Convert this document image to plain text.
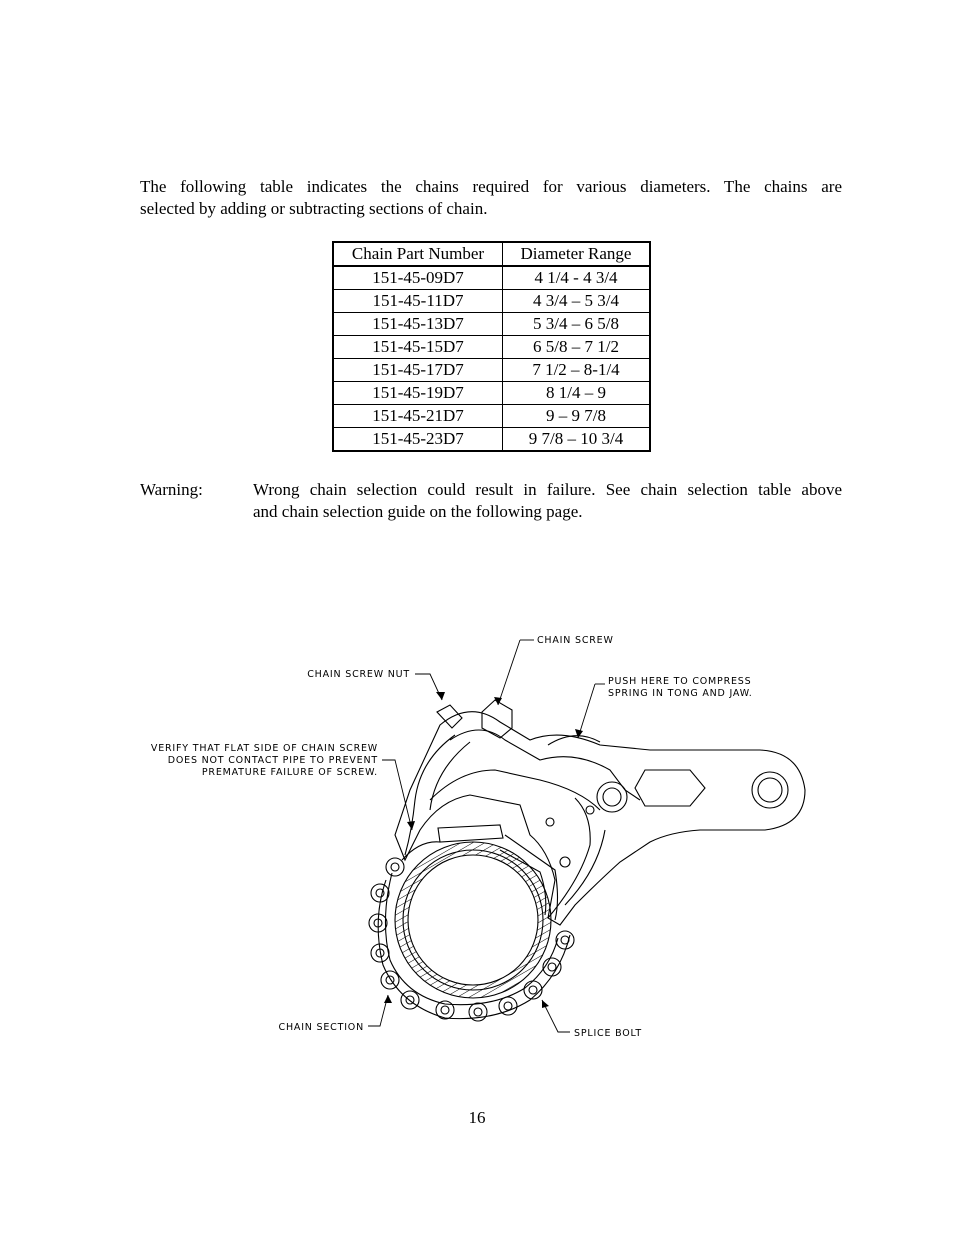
The following table indicates the chains required for various diameters. The chains are
selected by adding or subtracting sections of chain.

Chain Part Number	Diameter Range
151-45-09D7	4 1/4 - 4 3/4
151-45-11D7	4 3/4 – 5 3/4
151-45-13D7	5 3/4 – 6 5/8
151-45-15D7	6 5/8 – 7 1/2
151-45-17D7	7 1/2 – 8-1/4
151-45-19D7	8 1/4 – 9
151-45-21D7	9 – 9 7/8
151-45-23D7	9 7/8 – 10 3/4
Warning:	Wrong chain selection could result in failure. See chain selection table above
and chain selection guide on the following page.
CHAIN SCREW
CHAIN SCREW NUT
PUSH HERE TO COMPRESS
SPRING IN TONG AND JAW.
VERIFY THAT FLAT SIDE OF CHAIN SCREW
DOES NOT CONTACT PIPE TO PREVENT
PREMATURE FAILURE OF SCREW.
CHAIN SECTION
SPLICE BOLT
16
